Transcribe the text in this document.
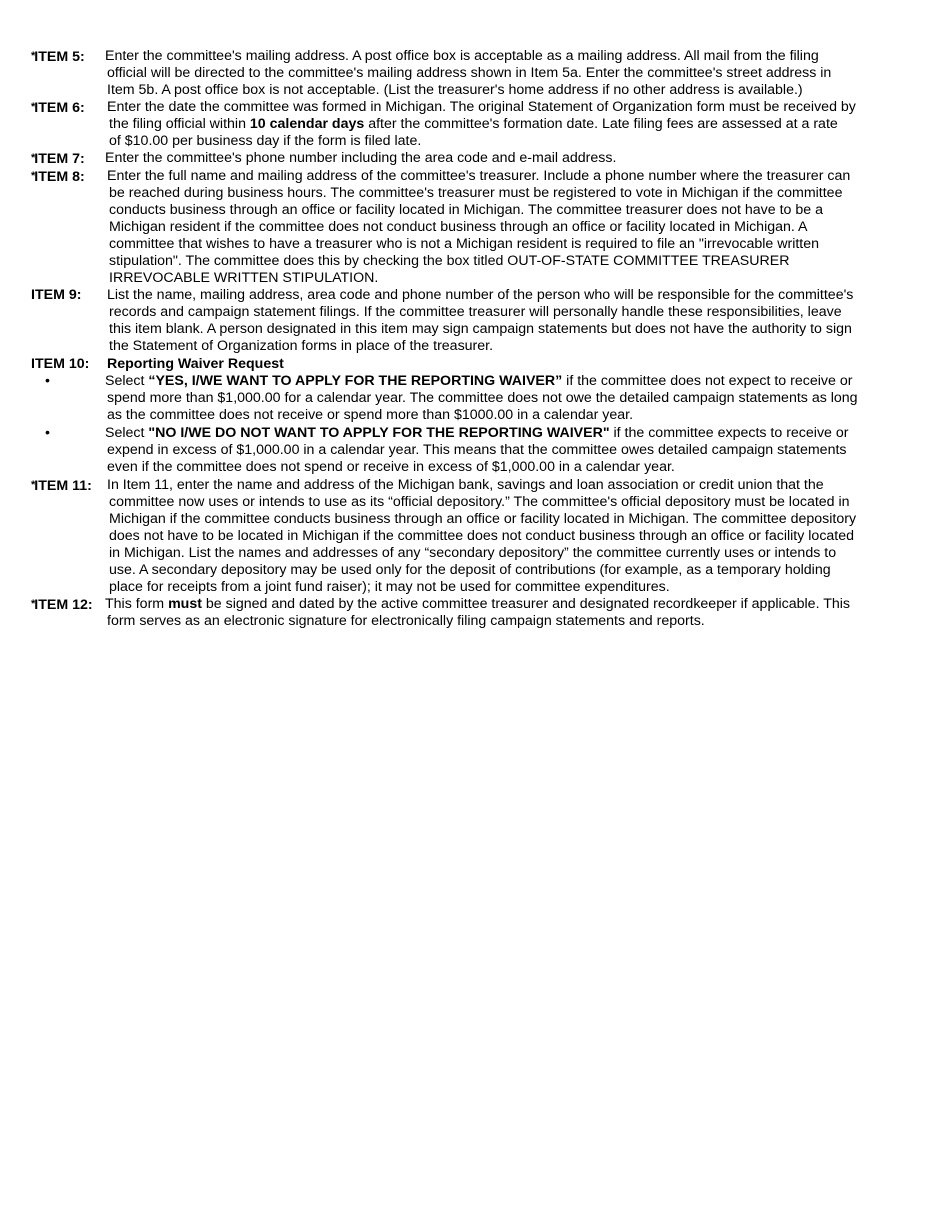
*ITEM 5:	Enter the committee's mailing address. A post office box is acceptable as a mailing address. All mail from the filing
official will be directed to the committee's mailing address shown in Item 5a. Enter the committee's street address in
Item 5b. A post office box is not acceptable. (List the treasurer's home address if no other address is available.)
*ITEM 6:	Enter the date the committee was formed in Michigan. The original Statement of Organization form must be received by
the filing official within 10 calendar days after the committee's formation date. Late filing fees are assessed at a rate
of $10.00 per business day if the form is filed late.
*ITEM 7:	Enter the committee's phone number including the area code and e-mail address.
*ITEM 8:	Enter the full name and mailing address of the committee's treasurer. Include a phone number where the treasurer can
be reached during business hours. The committee's treasurer must be registered to vote in Michigan if the committee
conducts business through an office or facility located in Michigan. The committee treasurer does not have to be a
Michigan resident if the committee does not conduct business through an office or facility located in Michigan. A
committee that wishes to have a treasurer who is not a Michigan resident is required to file an "irrevocable written
stipulation". The committee does this by checking the box titled OUT-OF-STATE COMMITTEE TREASURER
IRREVOCABLE WRITTEN STIPULATION.
ITEM 9:	List the name, mailing address, area code and phone number of the person who will be responsible for the committee's
records and campaign statement filings. If the committee treasurer will personally handle these responsibilities, leave
this item blank. A person designated in this item may sign campaign statements but does not have the authority to sign
the Statement of Organization forms in place of the treasurer.
ITEM 10:	Reporting Waiver Request
•	Select “YES, I/WE WANT TO APPLY FOR THE REPORTING WAIVER” if the committee does not expect to receive or
spend more than $1,000.00 for a calendar year. The committee does not owe the detailed campaign statements as long
as the committee does not receive or spend more than $1000.00 in a calendar year.
•	Select "NO I/WE DO NOT WANT TO APPLY FOR THE REPORTING WAIVER" if the committee expects to receive or
expend in excess of $1,000.00 in a calendar year. This means that the committee owes detailed campaign statements
even if the committee does not spend or receive in excess of $1,000.00 in a calendar year.
*ITEM 11:	In Item 11, enter the name and address of the Michigan bank, savings and loan association or credit union that the
committee now uses or intends to use as its “official depository.” The committee's official depository must be located in
Michigan if the committee conducts business through an office or facility located in Michigan. The committee depository
does not have to be located in Michigan if the committee does not conduct business through an office or facility located
in Michigan. List the names and addresses of any “secondary depository” the committee currently uses or intends to
use. A secondary depository may be used only for the deposit of contributions (for example, as a temporary holding
place for receipts from a joint fund raiser); it may not be used for committee expenditures.
*ITEM 12: This form must be signed and dated by the active committee treasurer and designated recordkeeper if applicable. This
form serves as an electronic signature for electronically filing campaign statements and reports.
